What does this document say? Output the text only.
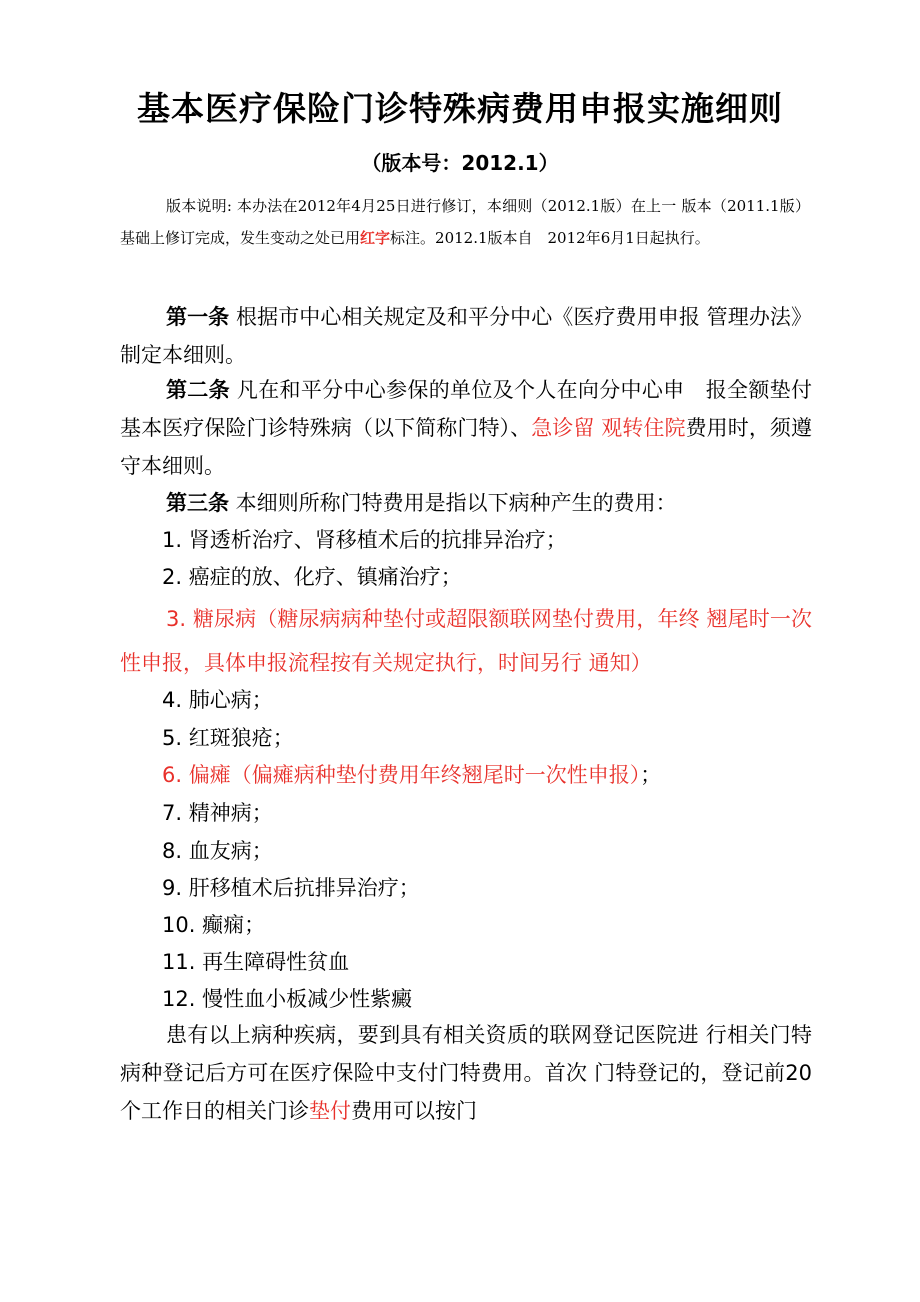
基本医疗保险门诊特殊病费用申报实施细则
（版本号：2012.1）
版本说明: 本办法在2012年4月25日进行修订，本细则（2012.1版）在上一 版本（2011.1版）基础上修订完成，发生变动之处已用红字标注。2012.1版本自　2012年6月1日起执行。
第一条 根据市中心相关规定及和平分中心《医疗费用申报 管理办法》制定本细则。
第二条 凡在和平分中心参保的单位及个人在向分中心申　报全额垫付基本医疗保险门诊特殊病（以下简称门特）、急诊留 观转住院费用时，须遵守本细则。
第三条 本细则所称门特费用是指以下病种产生的费用：
1. 肾透析治疗、肾移植术后的抗排异治疗；
2. 癌症的放、化疗、镇痛治疗；
3. 糖尿病（糖尿病病种垫付或超限额联网垫付费用，年终 翘尾时一次性申报，具体申报流程按有关规定执行，时间另行 通知）
4. 肺心病；
5. 红斑狼疮；
6. 偏瘫（偏瘫病种垫付费用年终翘尾时一次性申报）；
7. 精神病；
8. 血友病；
9. 肝移植术后抗排异治疗；
10. 癫痫；
11. 再生障碍性贫血
12. 慢性血小板减少性紫癜
患有以上病种疾病，要到具有相关资质的联网登记医院进 行相关门特病种登记后方可在医疗保险中支付门特费用。首次 门特登记的，登记前20个工作日的相关门诊垫付费用可以按门
